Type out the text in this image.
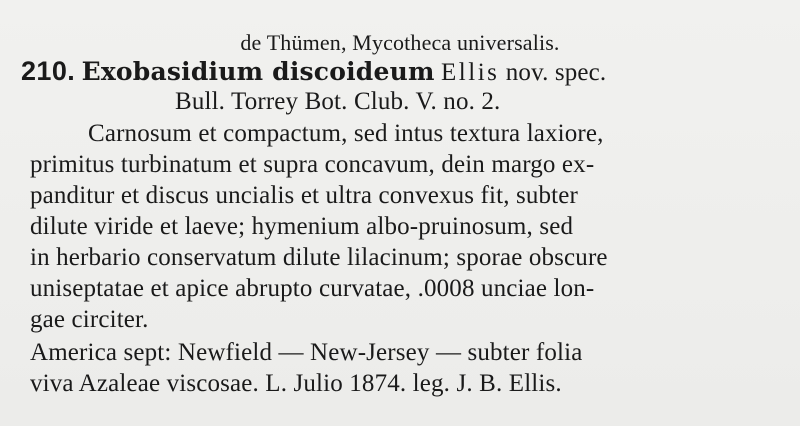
de Thümen, Mycotheca universalis.
210. Exobasidium discoideum Ellis nov. spec.
Bull. Torrey Bot. Club. V. no. 2.
Carnosum et compactum, sed intus textura laxiore,
primitus turbinatum et supra concavum, dein margo ex-
panditur et discus uncialis et ultra convexus fit, subter
dilute viride et laeve; hymenium albo-pruinosum, sed
in herbario conservatum dilute lilacinum; sporae obscure
uniseptatae et apice abrupto curvatae, .0008 unciae lon-
gae circiter.
America sept: Newfield — New-Jersey — subter folia
viva Azaleae viscosae. L. Julio 1874. leg. J. B. Ellis.
